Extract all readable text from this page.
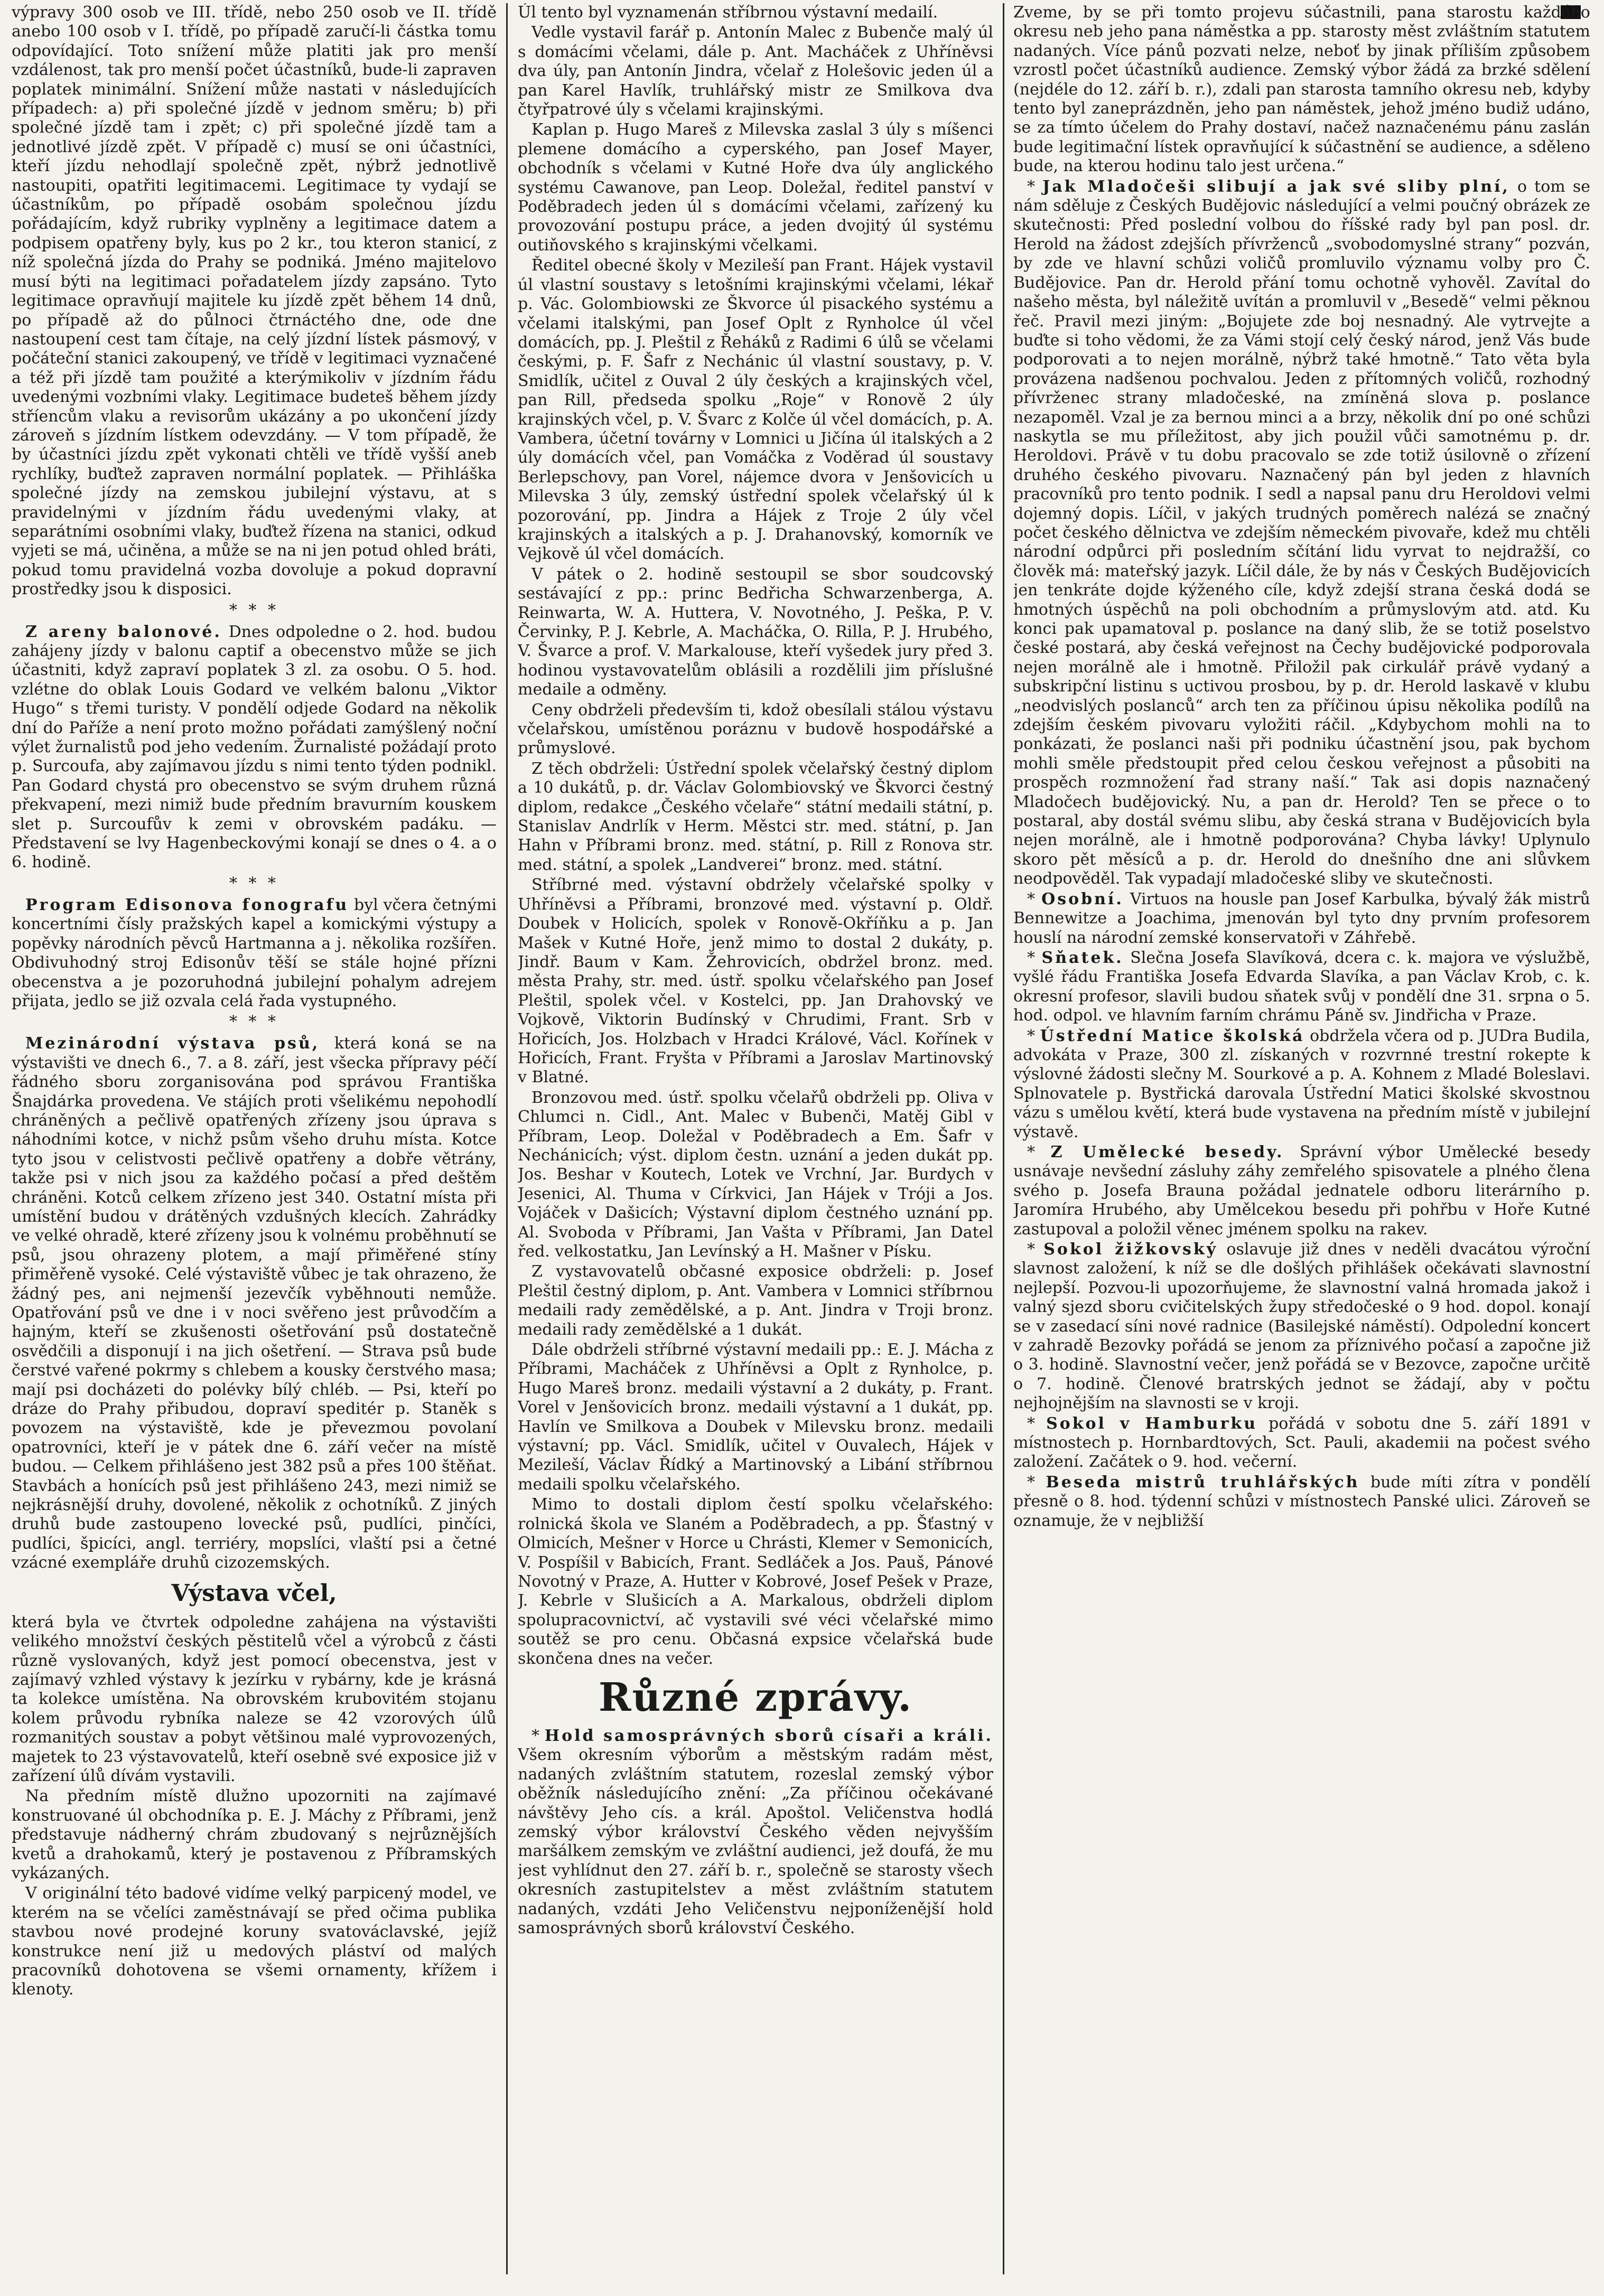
výpravy 300 osob ve III. třídě, nebo 250 osob ve II. třídě anebo 100 osob v I. třídě, po případě zaručí-li částka tomu odpovídající. Toto snížení může platiti jak pro menší vzdálenost, tak pro menší počet účastníků, bude-li zapraven poplatek minimální. Snížení může nastati v následujících případech: a) při společné jízdě v jednom směru; b) při společné jízdě tam i zpět; c) při společné jízdě tam a jednotlivé jízdě zpět. V případě c) musí se oni účastníci, kteří jízdu nehodlají společně zpět, nýbrž jednotlivě nastoupiti, opatřiti legitimacemi. Legitimace ty vydají se účastníkům, po případě osobám společnou jízdu pořádajícím, když rubriky vyplněny a legitimace datem a podpisem opatřeny byly, kus po 2 kr., tou kteron stanicí, z níž společná jízda do Prahy se podniká. Jméno majitelovo musí býti na legitimaci pořadatelem jízdy zapsáno. Tyto legitimace opravňují majitele ku jízdě zpět během 14 dnů, po případě až do půlnoci čtrnáctého dne, ode dne nastoupení cest tam čítaje, na celý jízdní lístek pásmový, v počáteční stanici zakoupený, ve třídě v legitimaci vyznačené a též při jízdě tam použité a kterýmikoliv v jízdním řádu uvedenými vozbními vlaky. Legitimace budeteš během jízdy stříencům vlaku a revisorům ukázány a po ukončení jízdy zároveň s jízdním lístkem odevzdány. — V tom případě, že by účastníci jízdu zpět vykonati chtěli ve třídě vyšší aneb rychlíky, buďtež zapraven normální poplatek. — Přihláška společné jízdy na zemskou jubilejní výstavu, at s pravidelnými v jízdním řádu uvedenými vlaky, at separátními osobními vlaky, buďtež řízena na stanici, odkud vyjeti se má, učiněna, a může se na ni jen potud ohled bráti, pokud tomu pravidelná vozba dovoluje a pokud dopravní prostředky jsou k disposici.

* * *

Z areny balonové. Dnes odpoledne o 2. hod. budou zahájeny jízdy v balonu captif a obecenstvo může se jich účastniti, když zapraví poplatek 3 zl. za osobu. O 5. hod. vzlétne do oblak Louis Godard ve velkém balonu „Viktor Hugo“ s třemi turisty. V pondělí odjede Godard na několik dní do Paříže a není proto možno pořádati zamýšlený noční výlet žurnalistů pod jeho vedením. Žurnalisté požádají proto p. Surcoufa, aby zajímavou jízdu s nimi tento týden podnikl. Pan Godard chystá pro obecenstvo se svým druhem různá překvapení, mezi nimiž bude předním bravurním kouskem slet p. Surcoufův k zemi v obrovském padáku. — Představení se lvy Hagenbeckovými konají se dnes o 4. a o 6. hodině.

* * *

Program Edisonova fonografu byl včera četnými koncertními čísly pražských kapel a komickými výstupy a popěvky národních pěvců Hartmanna a j. několika rozšířen. Obdivuhodný stroj Edisonův těší se stále hojné přízni obecenstva a je pozoruhodná jubilejní pohalym adrejem přijata, jedlo se již ozvala celá řada vystupného.

* * *

Mezinárodní výstava psů, která koná se na výstavišti ve dnech 6., 7. a 8. září, jest všecka přípravy péčí řádného sboru zorganisována pod správou Františka Šnajdárka provedena. Ve stájích proti všelikému nepohodlí chráněných a pečlivě opatřených zřízeny jsou úprava s náhodními kotce, v nichž psům všeho druhu místa. Kotce tyto jsou v celistvosti pečlivě opatřeny a dobře větrány, takže psi v nich jsou za každého počasí a před deštěm chráněni. Kotců celkem zřízeno jest 340. Ostatní místa při umístění budou v drátěných vzdušných klecích. Zahrádky ve velké ohradě, které zřízeny jsou k volnému proběhnutí se psů, jsou ohrazeny plotem, a mají přiměřené stíny přiměřeně vysoké. Celé výstaviště vůbec je tak ohrazeno, že žádný pes, ani nejmenší jezevčík vyběhnouti nemůže. Opatřování psů ve dne i v noci svěřeno jest průvodčím a hajným, kteří se zkušenosti ošetřování psů dostatečně osvědčili a disponují i na jich ošetření. — Strava psů bude čerstvé vařené pokrmy s chlebem a kousky čerstvého masa; mají psi docházeti do polévky bílý chléb. — Psi, kteří po dráze do Prahy přibudou, dopraví speditér p. Staněk s povozem na výstaviště, kde je převezmou povolaní opatrovníci, kteří je v pátek dne 6. září večer na místě budou. — Celkem přihlášeno jest 382 psů a přes 100 štěňat. Stavbách a honících psů jest přihlášeno 243, mezi nimiž se nejkrásnější druhy, dovolené, několik z ochotníků. Z jiných druhů bude zastoupeno lovecké psů, pudlíci, pinčíci, pudlíci, špicíci, angl. terriéry, mopslíci, vlaští psi a četné vzácné exempláře druhů cizozemských.

Výstava včel,

která byla ve čtvrtek odpoledne zahájena na výstavišti velikého množství českých pěstitelů včel a výrobců z části různě vyslovaných, když jest pomocí obecenstva, jest v zajímavý vzhled výstavy k jezírku v rybárny, kde je krásná ta kolekce umístěna. Na obrovském krubovitém stojanu kolem průvodu rybníka naleze se 42 vzorových úlů rozmanitých soustav a pobyt většinou malé vyprovozených, majetek to 23 výstavovatelů, kteří osebně své exposice již v zařízení úlů dívám vystavili.

Na předním místě dlužno upozorniti na zajímavé konstruované úl obchodníka p. E. J. Máchy z Příbrami, jenž představuje nádherný chrám zbudovaný s nejrůznějších kvetů a drahokamů, který je postavenou z Příbramských vykázaných.

V originální této badové vidíme velký parpicený model, ve kterém na se včelíci zaměstnávají se před očima publika stavbou nové prodejné koruny svatováclavské, jejíž konstrukce není již u medových pláství od malých pracovníků dohotovena se všemi ornamenty, křížem i klenoty.

Úl tento byl vyznamenán stříbrnou výstavní medailí.

Vedle vystavil farář p. Antonín Malec z Bubenče malý úl s domácími včelami, dále p. Ant. Macháček z Uhříněvsi dva úly, pan Antonín Jindra, včelař z Holešovic jeden úl a pan Karel Havlík, truhlářský mistr ze Smilkova dva čtyřpatrové úly s včelami krajinskými.

Kaplan p. Hugo Mareš z Milevska zaslal 3 úly s míšenci plemene domácího a cyperského, pan Josef Mayer, obchodník s včelami v Kutné Hoře dva úly anglického systému Cawanove, pan Leop. Doležal, ředitel panství v Poděbradech jeden úl s domácími včelami, zařízený ku provozování postupu práce, a jeden dvojitý úl systému outiňovského s krajinskými včelkami.

Ředitel obecné školy v Mezileší pan Frant. Hájek vystavil úl vlastní soustavy s letošními krajinskými včelami, lékař p. Vác. Golombiowski ze Škvorce úl pisackého systému a včelami italskými, pan Josef Oplt z Rynholce úl včel domácích, pp. J. Pleštil z Řeháků z Radimi 6 úlů se včelami českými, p. F. Šafr z Nechánic úl vlastní soustavy, p. V. Smidlík, učitel z Ouval 2 úly českých a krajinských včel, pan Rill, předseda spolku „Roje“ v Ronově 2 úly krajinských včel, p. V. Švarc z Kolče úl včel domácích, p. A. Vambera, účetní továrny v Lomnici u Jičína úl italských a 2 úly domácích včel, pan Vomáčka z Voděrad úl soustavy Berlepschovy, pan Vorel, nájemce dvora v Jenšovicích u Milevska 3 úly, zemský ústřední spolek včelařský úl k pozorování, pp. Jindra a Hájek z Troje 2 úly včel krajinských a italských a p. J. Drahanovský, komorník ve Vejkově úl včel domácích.

V pátek o 2. hodině sestoupil se sbor soudcovský sestávající z pp.: princ Bedřicha Schwarzenberga, A. Reinwarta, W. A. Huttera, V. Novotného, J. Peška, P. V. Červinky, P. J. Kebrle, A. Macháčka, O. Rilla, P. J. Hrubého, V. Švarce a prof. V. Markalouse, kteří vyšedek jury před 3. hodinou vystavovatelům oblásili a rozdělili jim příslušné medaile a odměny.

Ceny obdrželi především ti, kdož obesílali stálou výstavu včelařskou, umístěnou poráznu v budově hospodářské a průmyslové.

Z těch obdrželi: Ústřední spolek včelařský čestný diplom a 10 dukátů, p. dr. Václav Golombiovský ve Škvorci čestný diplom, redakce „Českého včelaře“ státní medaili státní, p. Stanislav Andrlík v Herm. Městci str. med. státní, p. Jan Hahn v Příbrami bronz. med. státní, p. Rill z Ronova str. med. státní, a spolek „Landverei“ bronz. med. státní.

Stříbrné med. výstavní obdržely včelařské spolky v Uhříněvsi a Příbrami, bronzové med. výstavní p. Oldř. Doubek v Holicích, spolek v Ronově-Okříňku a p. Jan Mašek v Kutné Hoře, jenž mimo to dostal 2 dukáty, p. Jindř. Baum v Kam. Žehrovicích, obdržel bronz. med. města Prahy, str. med. ústř. spolku včelařského pan Josef Pleštil, spolek včel. v Kostelci, pp. Jan Drahovský ve Vojkově, Viktorin Budínský v Chrudimi, Frant. Srb v Hořicích, Jos. Holzbach v Hradci Králové, Václ. Kořínek v Hořicích, Frant. Fryšta v Příbrami a Jaroslav Martinovský v Blatné.

Bronzovou med. ústř. spolku včelařů obdrželi pp. Oliva v Chlumci n. Cidl., Ant. Malec v Bubenči, Matěj Gibl v Příbram, Leop. Doležal v Poděbradech a Em. Šafr v Nechánicích; výst. diplom čestn. uznání a jeden dukát pp. Jos. Beshar v Koutech, Lotek ve Vrchní, Jar. Burdych v Jesenici, Al. Thuma v Církvici, Jan Hájek v Tróji a Jos. Vojáček v Dašicích; Výstavní diplom čestného uznání pp. Al. Svoboda v Příbrami, Jan Vašta v Příbrami, Jan Datel řed. velkostatku, Jan Levínský a H. Mašner v Písku.

Z vystavovatelů občasné exposice obdrželi: p. Josef Pleštil čestný diplom, p. Ant. Vambera v Lomnici stříbrnou medaili rady zemědělské, a p. Ant. Jindra v Troji bronz. medaili rady zemědělské a 1 dukát.

Dále obdrželi stříbrné výstavní medaili pp.: E. J. Mácha z Příbrami, Macháček z Uhříněvsi a Oplt z Rynholce, p. Hugo Mareš bronz. medaili výstavní a 2 dukáty, p. Frant. Vorel v Jenšovicích bronz. medaili výstavní a 1 dukát, pp. Havlín ve Smilkova a Doubek v Milevsku bronz. medaili výstavní; pp. Václ. Smidlík, učitel v Ouvalech, Hájek v Mezileší, Václav Řídký a Martinovský a Libání stříbrnou medaili spolku včelařského.

Mimo to dostali diplom čestí spolku včelařského: rolnická škola ve Slaném a Poděbradech, a pp. Šťastný v Olmicích, Mešner v Horce u Chrásti, Klemer v Semonicích, V. Pospíšil v Babicích, Frant. Sedláček a Jos. Pauš, Pánové Novotný v Praze, A. Hutter v Kobrové, Josef Pešek v Praze, J. Kebrle v Slušicích a A. Markalous, obdrželi diplom spolupracovnictví, ač vystavili své véci včelařské mimo soutěž se pro cenu. Občasná expsice včelařská bude skončena dnes na večer.

Různé zprávy.

* Hold samosprávných sborů císaři a králi. Všem okresním výborům a městským radám měst, nadaných zvláštním statutem, rozeslal zemský výbor oběžník následujícího znění: „Za příčinou očekávané návštěvy Jeho cís. a král. Apoštol. Veličenstva hodlá zemský výbor království Českého věden nejvyšším maršálkem zemským ve zvláštní audienci, jež doufá, že mu jest vyhlídnut den 27. září b. r., společně se starosty všech okresních zastupitelstev a měst zvláštním statutem nadaných, vzdáti Jeho Veličenstvu nejponíženější hold samosprávných sborů království Českého.

Zveme, by se při tomto projevu súčastnili, pana starostu každého okresu neb jeho pana náměstka a pp. starosty měst zvláštním statutem nadaných. Více pánů pozvati nelze, neboť by jinak příliším způsobem vzrostl počet účastníků audience. Zemský výbor žádá za brzké sdělení (nejdéle do 12. září b. r.), zdali pan starosta tamního okresu neb, kdyby tento byl zaneprázdněn, jeho pan náměstek, jehož jméno budiž udáno, se za tímto účelem do Prahy dostaví, načež naznačenému pánu zaslán bude legitimační lístek opravňující k súčastnění se audience, a sděleno bude, na kterou hodinu talo jest určena.“

* Jak Mladočeši slibují a jak své sliby plní, o tom se nám sděluje z Českých Budějovic následující a velmi poučný obrázek ze skutečnosti: Před poslední volbou do říšské rady byl pan posl. dr. Herold na žádost zdejších přívrženců „svobodomyslné strany“ pozván, by zde ve hlavní schůzi voličů promluvilo významu volby pro Č. Budějovice. Pan dr. Herold přání tomu ochotně vyhověl. Zavítal do našeho města, byl náležitě uvítán a promluvil v „Besedě“ velmi pěknou řeč. Pravil mezi jiným: „Bojujete zde boj nesnadný. Ale vytrvejte a buďte si toho vědomi, že za Vámi stojí celý český národ, jenž Vás bude podporovati a to nejen morálně, nýbrž také hmotně.“ Tato věta byla provázena nadšenou pochvalou. Jeden z přítomných voličů, rozhodný přívrženec strany mladočeské, na zmíněná slova p. poslance nezapoměl. Vzal je za bernou minci a a brzy, několik dní po oné schůzi naskytla se mu příležitost, aby jich použil vůči samotnému p. dr. Heroldovi. Právě v tu dobu pracovalo se zde totiž úsilovně o zřízení druhého českého pivovaru. Naznačený pán byl jeden z hlavních pracovníků pro tento podnik. I sedl a napsal panu dru Heroldovi velmi dojemný dopis. Líčil, v jakých trudných poměrech nalézá se značný počet českého dělnictva ve zdejším německém pivovaře, kdež mu chtěli národní odpůrci při posledním sčítání lidu vyrvat to nejdražší, co člověk má: mateřský jazyk. Líčil dále, že by nás v Českých Budějovicích jen tenkráte dojde kýženého cíle, když zdejší strana česká dodá se hmotných úspěchů na poli obchodním a průmyslovým atd. atd. Ku konci pak upamatoval p. poslance na daný slib, že se totiž poselstvo české postará, aby česká veřejnost na Čechy budějovické podporovala nejen morálně ale i hmotně. Přiložil pak cirkulář právě vydaný a subskripční listinu s uctivou prosbou, by p. dr. Herold laskavě v klubu „neodvislých poslanců“ arch ten za příčinou úpisu několika podílů na zdejším českém pivovaru vyložiti ráčil. „Kdybychom mohli na to ponkázati, že poslanci naši při podniku účastnění jsou, pak bychom mohli směle předstoupit před celou českou veřejnost a působiti na prospěch rozmnožení řad strany naší.“ Tak asi dopis naznačený Mladočech budějovický. Nu, a pan dr. Herold? Ten se přece o to postaral, aby dostál svému slibu, aby česká strana v Budějovicích byla nejen morálně, ale i hmotně podporována? Chyba lávky! Uplynulo skoro pět měsíců a p. dr. Herold do dnešního dne ani slůvkem neodpověděl. Tak vypadají mladočeské sliby ve skutečnosti.

* Osobní. Virtuos na housle pan Josef Karbulka, bývalý žák mistrů Bennewitze a Joachima, jmenován byl tyto dny prvním profesorem houslí na národní zemské konservatoři v Záhřebě.

* Sňatek. Slečna Josefa Slavíková, dcera c. k. majora ve výslužbě, vyšlé řádu Františka Josefa Edvarda Slavíka, a pan Václav Krob, c. k. okresní profesor, slavili budou sňatek svůj v pondělí dne 31. srpna o 5. hod. odpol. ve hlavním farním chrámu Páně sv. Jindřicha v Praze.

* Ústřední Matice školská obdržela včera od p. JUDra Budila, advokáta v Praze, 300 zl. získaných v rozvrnné trestní rokepte k výslovné žádosti slečny M. Sourkové a p. A. Kohnem z Mladé Boleslavi. Splnovatele p. Bystřická darovala Ústřední Matici školské skvostnou vázu s umělou květí, která bude vystavena na předním místě v jubilejní výstavě.

* Z Umělecké besedy. Správní výbor Umělecké besedy usnávaje nevšední zásluhy záhy zemřelého spisovatele a plného člena svého p. Josefa Brauna požádal jednatele odboru literárního p. Jaromíra Hrubého, aby Umělcekou besedu při pohřbu v Hoře Kutné zastupoval a položil věnec jménem spolku na rakev.

* Sokol žižkovský oslavuje již dnes v neděli dvacátou výroční slavnost založení, k níž se dle došlých přihlášek očekávati slavnostní nejlepší. Pozvou-li upozorňujeme, že slavnostní valná hromada jakož i valný sjezd sboru cvičitelských župy středočeské o 9 hod. dopol. konají se v zasedací síni nové radnice (Basilejské náměstí). Odpolední koncert v zahradě Bezovky pořádá se jenom za příznivého počasí a započne již o 3. hodině. Slavnostní večer, jenž pořádá se v Bezovce, započne určitě o 7. hodině. Členové bratrských jednot se žádají, aby v počtu nejhojnějším na slavnosti se v kroji.

* Sokol v Hamburku pořádá v sobotu dne 5. září 1891 v místnostech p. Hornbardtových, Sct. Pauli, akademii na počest svého založení. Začátek o 9. hod. večerní.

* Beseda mistrů truhlářských bude míti zítra v pondělí přesně o 8. hod. týdenní schůzi v místnostech Panské ulici. Zároveň se oznamuje, že v nejbližší
